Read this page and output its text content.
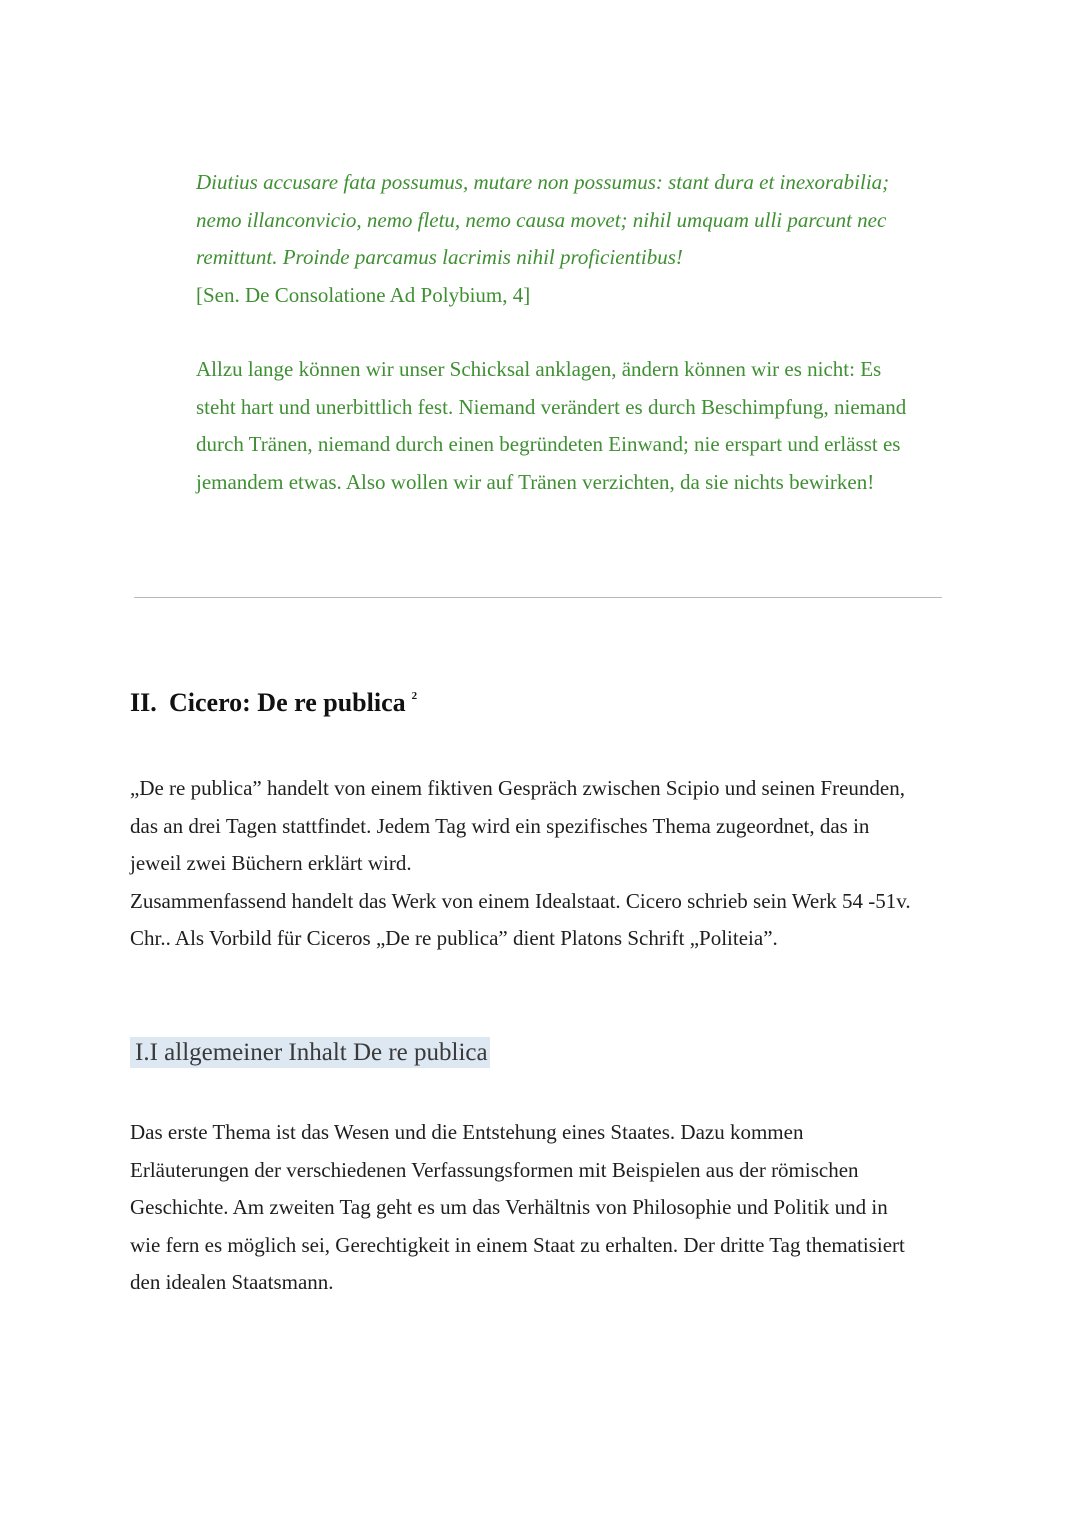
Diutius accusare fata possumus, mutare non possumus: stant dura et inexorabilia;
nemo illanconvicio, nemo fletu, nemo causa movet; nihil umquam ulli parcunt nec
remittunt. Proinde parcamus lacrimis nihil proficientibus!
[Sen. De Consolatione Ad Polybium, 4]
Allzu lange können wir unser Schicksal anklagen, ändern können wir es nicht: Es
steht hart und unerbittlich fest. Niemand verändert es durch Beschimpfung, niemand
durch Tränen, niemand durch einen begründeten Einwand; nie erspart und erlässt es
jemandem etwas. Also wollen wir auf Tränen verzichten, da sie nichts bewirken!
II. Cicero: De re publica $^2$
„De re publica” handelt von einem fiktiven Gespräch zwischen Scipio und seinen Freunden,
das an drei Tagen stattfindet. Jedem Tag wird ein spezifisches Thema zugeordnet, das in
jeweil zwei Büchern erklärt wird.
Zusammenfassend handelt das Werk von einem Idealstaat. Cicero schrieb sein Werk 54 -51v.
Chr.. Als Vorbild für Ciceros „De re publica” dient Platons Schrift „Politeia”.
I.I allgemeiner Inhalt De re publica
Das erste Thema ist das Wesen und die Entstehung eines Staates. Dazu kommen
Erläuterungen der verschiedenen Verfassungsformen mit Beispielen aus der römischen
Geschichte. Am zweiten Tag geht es um das Verhältnis von Philosophie und Politik und in
wie fern es möglich sei, Gerechtigkeit in einem Staat zu erhalten. Der dritte Tag thematisiert
den idealen Staatsmann.
